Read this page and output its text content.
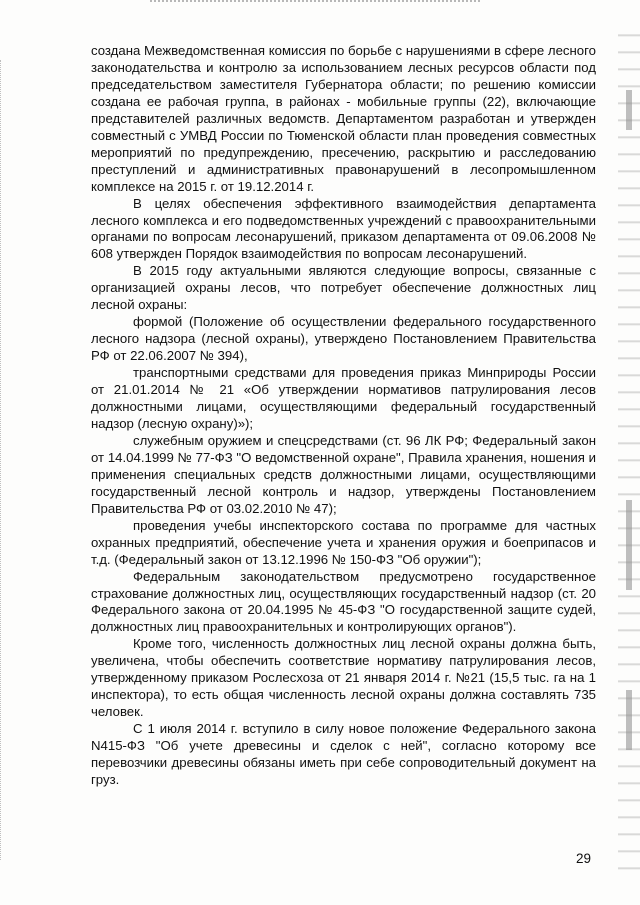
создана Межведомственная комиссия по борьбе с нарушениями в сфере лесного законодательства и контролю за использованием лесных ресурсов области под председательством заместителя Губернатора области; по решению комиссии создана ее рабочая группа, в районах - мобильные группы (22), включающие представителей различных ведомств. Департаментом разработан и утвержден совместный с УМВД России по Тюменской области план проведения совместных мероприятий по предупреждению, пресечению, раскрытию и расследованию преступлений и административных правонарушений в лесопромышленном комплексе на 2015 г. от 19.12.2014 г.

В целях обеспечения эффективного взаимодействия департамента лесного комплекса и его подведомственных учреждений с правоохранительными органами по вопросам лесонарушений, приказом департамента от 09.06.2008 № 608 утвержден Порядок взаимодействия по вопросам лесонарушений.

В 2015 году актуальными являются следующие вопросы, связанные с организацией охраны лесов, что потребует обеспечение должностных лиц лесной охраны:

формой (Положение об осуществлении федерального государственного лесного надзора (лесной охраны), утверждено Постановлением Правительства РФ от 22.06.2007 № 394),

транспортными средствами для проведения приказ Минприроды России от 21.01.2014 № 21 «Об утверждении нормативов патрулирования лесов должностными лицами, осуществляющими федеральный государственный надзор (лесную охрану)»);

служебным оружием и спецсредствами (ст. 96 ЛК РФ; Федеральный закон от 14.04.1999 № 77-ФЗ "О ведомственной охране", Правила хранения, ношения и применения специальных средств должностными лицами, осуществляющими государственный лесной контроль и надзор, утверждены Постановлением Правительства РФ от 03.02.2010 № 47);

проведения учебы инспекторского состава по программе для частных охранных предприятий, обеспечение учета и хранения оружия и боеприпасов и т.д. (Федеральный закон от 13.12.1996 № 150-ФЗ "Об оружии");

Федеральным законодательством предусмотрено государственное страхование должностных лиц, осуществляющих государственный надзор (ст. 20 Федерального закона от 20.04.1995 № 45-ФЗ "О государственной защите судей, должностных лиц правоохранительных и контролирующих органов").

Кроме того, численность должностных лиц лесной охраны должна быть, увеличена, чтобы обеспечить соответствие нормативу патрулирования лесов, утвержденному приказом Рослесхоза от 21 января 2014 г. №21 (15,5 тыс. га на 1 инспектора), то есть общая численность лесной охраны должна составлять 735 человек.

С 1 июля 2014 г. вступило в силу новое положение Федерального закона N415-ФЗ "Об учете древесины и сделок с ней", согласно которому все перевозчики древесины обязаны иметь при себе сопроводительный документ на груз.

29
